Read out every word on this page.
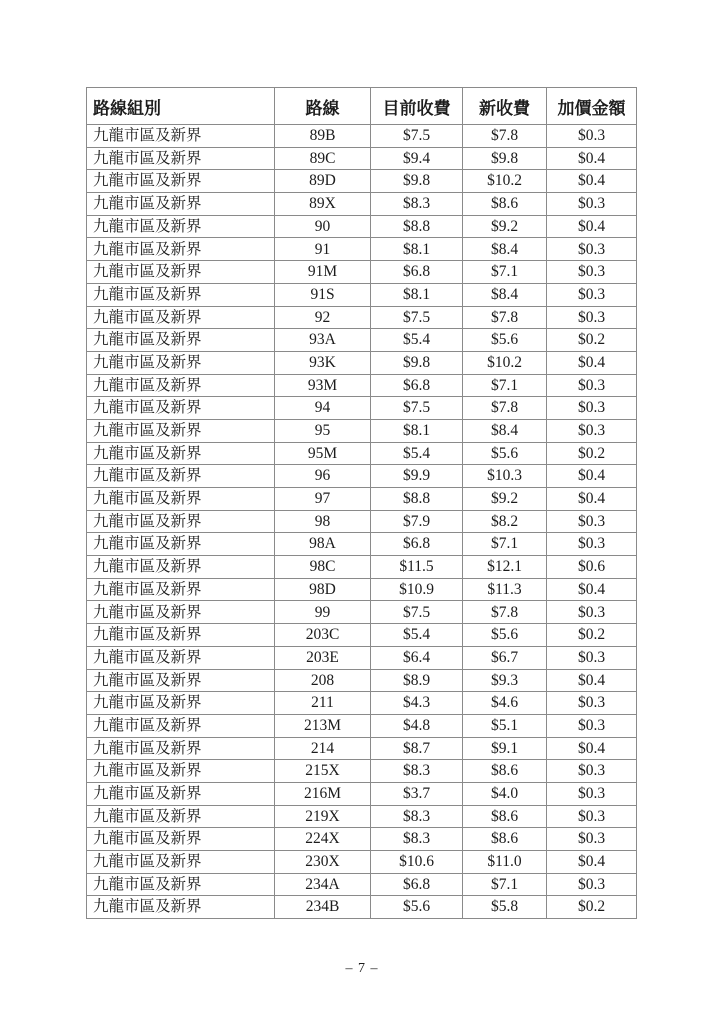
路線組別	路線	目前收費	新收費	加價金額
九龍市區及新界	89B	$7.5	$7.8	$0.3
九龍市區及新界	89C	$9.4	$9.8	$0.4
九龍市區及新界	89D	$9.8	$10.2	$0.4
九龍市區及新界	89X	$8.3	$8.6	$0.3
九龍市區及新界	90	$8.8	$9.2	$0.4
九龍市區及新界	91	$8.1	$8.4	$0.3
九龍市區及新界	91M	$6.8	$7.1	$0.3
九龍市區及新界	91S	$8.1	$8.4	$0.3
九龍市區及新界	92	$7.5	$7.8	$0.3
九龍市區及新界	93A	$5.4	$5.6	$0.2
九龍市區及新界	93K	$9.8	$10.2	$0.4
九龍市區及新界	93M	$6.8	$7.1	$0.3
九龍市區及新界	94	$7.5	$7.8	$0.3
九龍市區及新界	95	$8.1	$8.4	$0.3
九龍市區及新界	95M	$5.4	$5.6	$0.2
九龍市區及新界	96	$9.9	$10.3	$0.4
九龍市區及新界	97	$8.8	$9.2	$0.4
九龍市區及新界	98	$7.9	$8.2	$0.3
九龍市區及新界	98A	$6.8	$7.1	$0.3
九龍市區及新界	98C	$11.5	$12.1	$0.6
九龍市區及新界	98D	$10.9	$11.3	$0.4
九龍市區及新界	99	$7.5	$7.8	$0.3
九龍市區及新界	203C	$5.4	$5.6	$0.2
九龍市區及新界	203E	$6.4	$6.7	$0.3
九龍市區及新界	208	$8.9	$9.3	$0.4
九龍市區及新界	211	$4.3	$4.6	$0.3
九龍市區及新界	213M	$4.8	$5.1	$0.3
九龍市區及新界	214	$8.7	$9.1	$0.4
九龍市區及新界	215X	$8.3	$8.6	$0.3
九龍市區及新界	216M	$3.7	$4.0	$0.3
九龍市區及新界	219X	$8.3	$8.6	$0.3
九龍市區及新界	224X	$8.3	$8.6	$0.3
九龍市區及新界	230X	$10.6	$11.0	$0.4
九龍市區及新界	234A	$6.8	$7.1	$0.3
九龍市區及新界	234B	$5.6	$5.8	$0.2
– 7 –
